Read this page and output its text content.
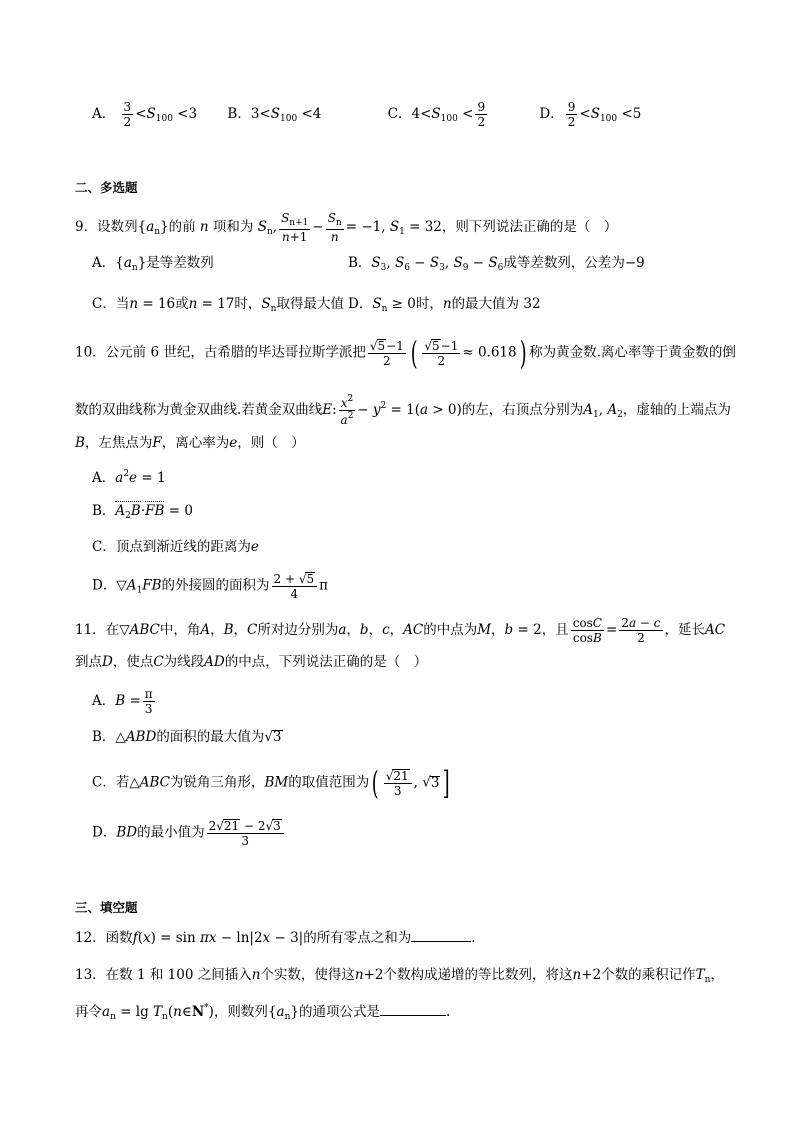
A． $\frac{3}{2} <S_{100} <3$ B．$3<S_{100} <4$	C．$4<S_{100} < \frac{9}{2}$	D． $\frac{9}{2} <S_{100} <5$
二、多选题
9．设数列$\{a_n\}$的前 n 项和为 $S_n$, $\frac{S_{n+1}}{n+1} - \frac{S_n}{n} = -1$, $S_1 = 32$，则下列说法正确的是（　）
A．$\{a_n\}$是等差数列	B．$S_3$, $S_6 - S_3$, $S_9 - S_6$成等差数列，公差为−9
C．当n = 16或n = 17时，$S_n$取得最大值 D．$S_n \ge 0$时，n的最大值为 32
10．公元前 6 世纪，古希腊的毕达哥拉斯学派把 $\frac{√5-1}{2}$ ( $\frac{√5-1}{2} \approx 0.618$) 称为黄金数.离心率等于黄金数的倒
数的双曲线称为黄金双曲线.若黄金双曲线E: $\frac{x^2}{a^2} - y^2 = 1(a > 0)$的左，右顶点分别为$A_1$, $A_2$，虚轴的上端点为
B，左焦点为F，离心率为e，则（　）
A．$a^2e = 1$
B．$A_2B\cdot FB = 0$
C．顶点到渐近线的距离为e
D．$▽A_1FB$的外接圆的面积为 $\frac{2 + √5}{4}$ π
11．在▽ABC中，角A，B，C所对边分别为a，b，c，AC的中点为M，b = 2，且 $\frac{\cos C}{\cos B} = \frac{2a - c}{2}$ ，延长AC
到点D，使点C为线段AD的中点，下列说法正确的是（　）
A．$B = \frac{\pi}{3}$
B．△ABD的面积的最大值为√3
C．若△ABC为锐角三角形，BM的取值范围为( $\frac{√21}{3}$ , √3 ]
D．BD的最小值为 $\frac{2√21 - 2√3}{3}$
三、填空题
12．函数f(x) = sin πx − ln|2x − 3|的所有零点之和为	.
13．在数 1 和 100 之间插入n个实数，使得这n+2个数构成递增的等比数列，将这n+2个数的乘积记作$T_n$，
再令$a_n = \lg$ $T_n(n\in N^*)$，则数列$\{a_n\}$的通项公式是	.
